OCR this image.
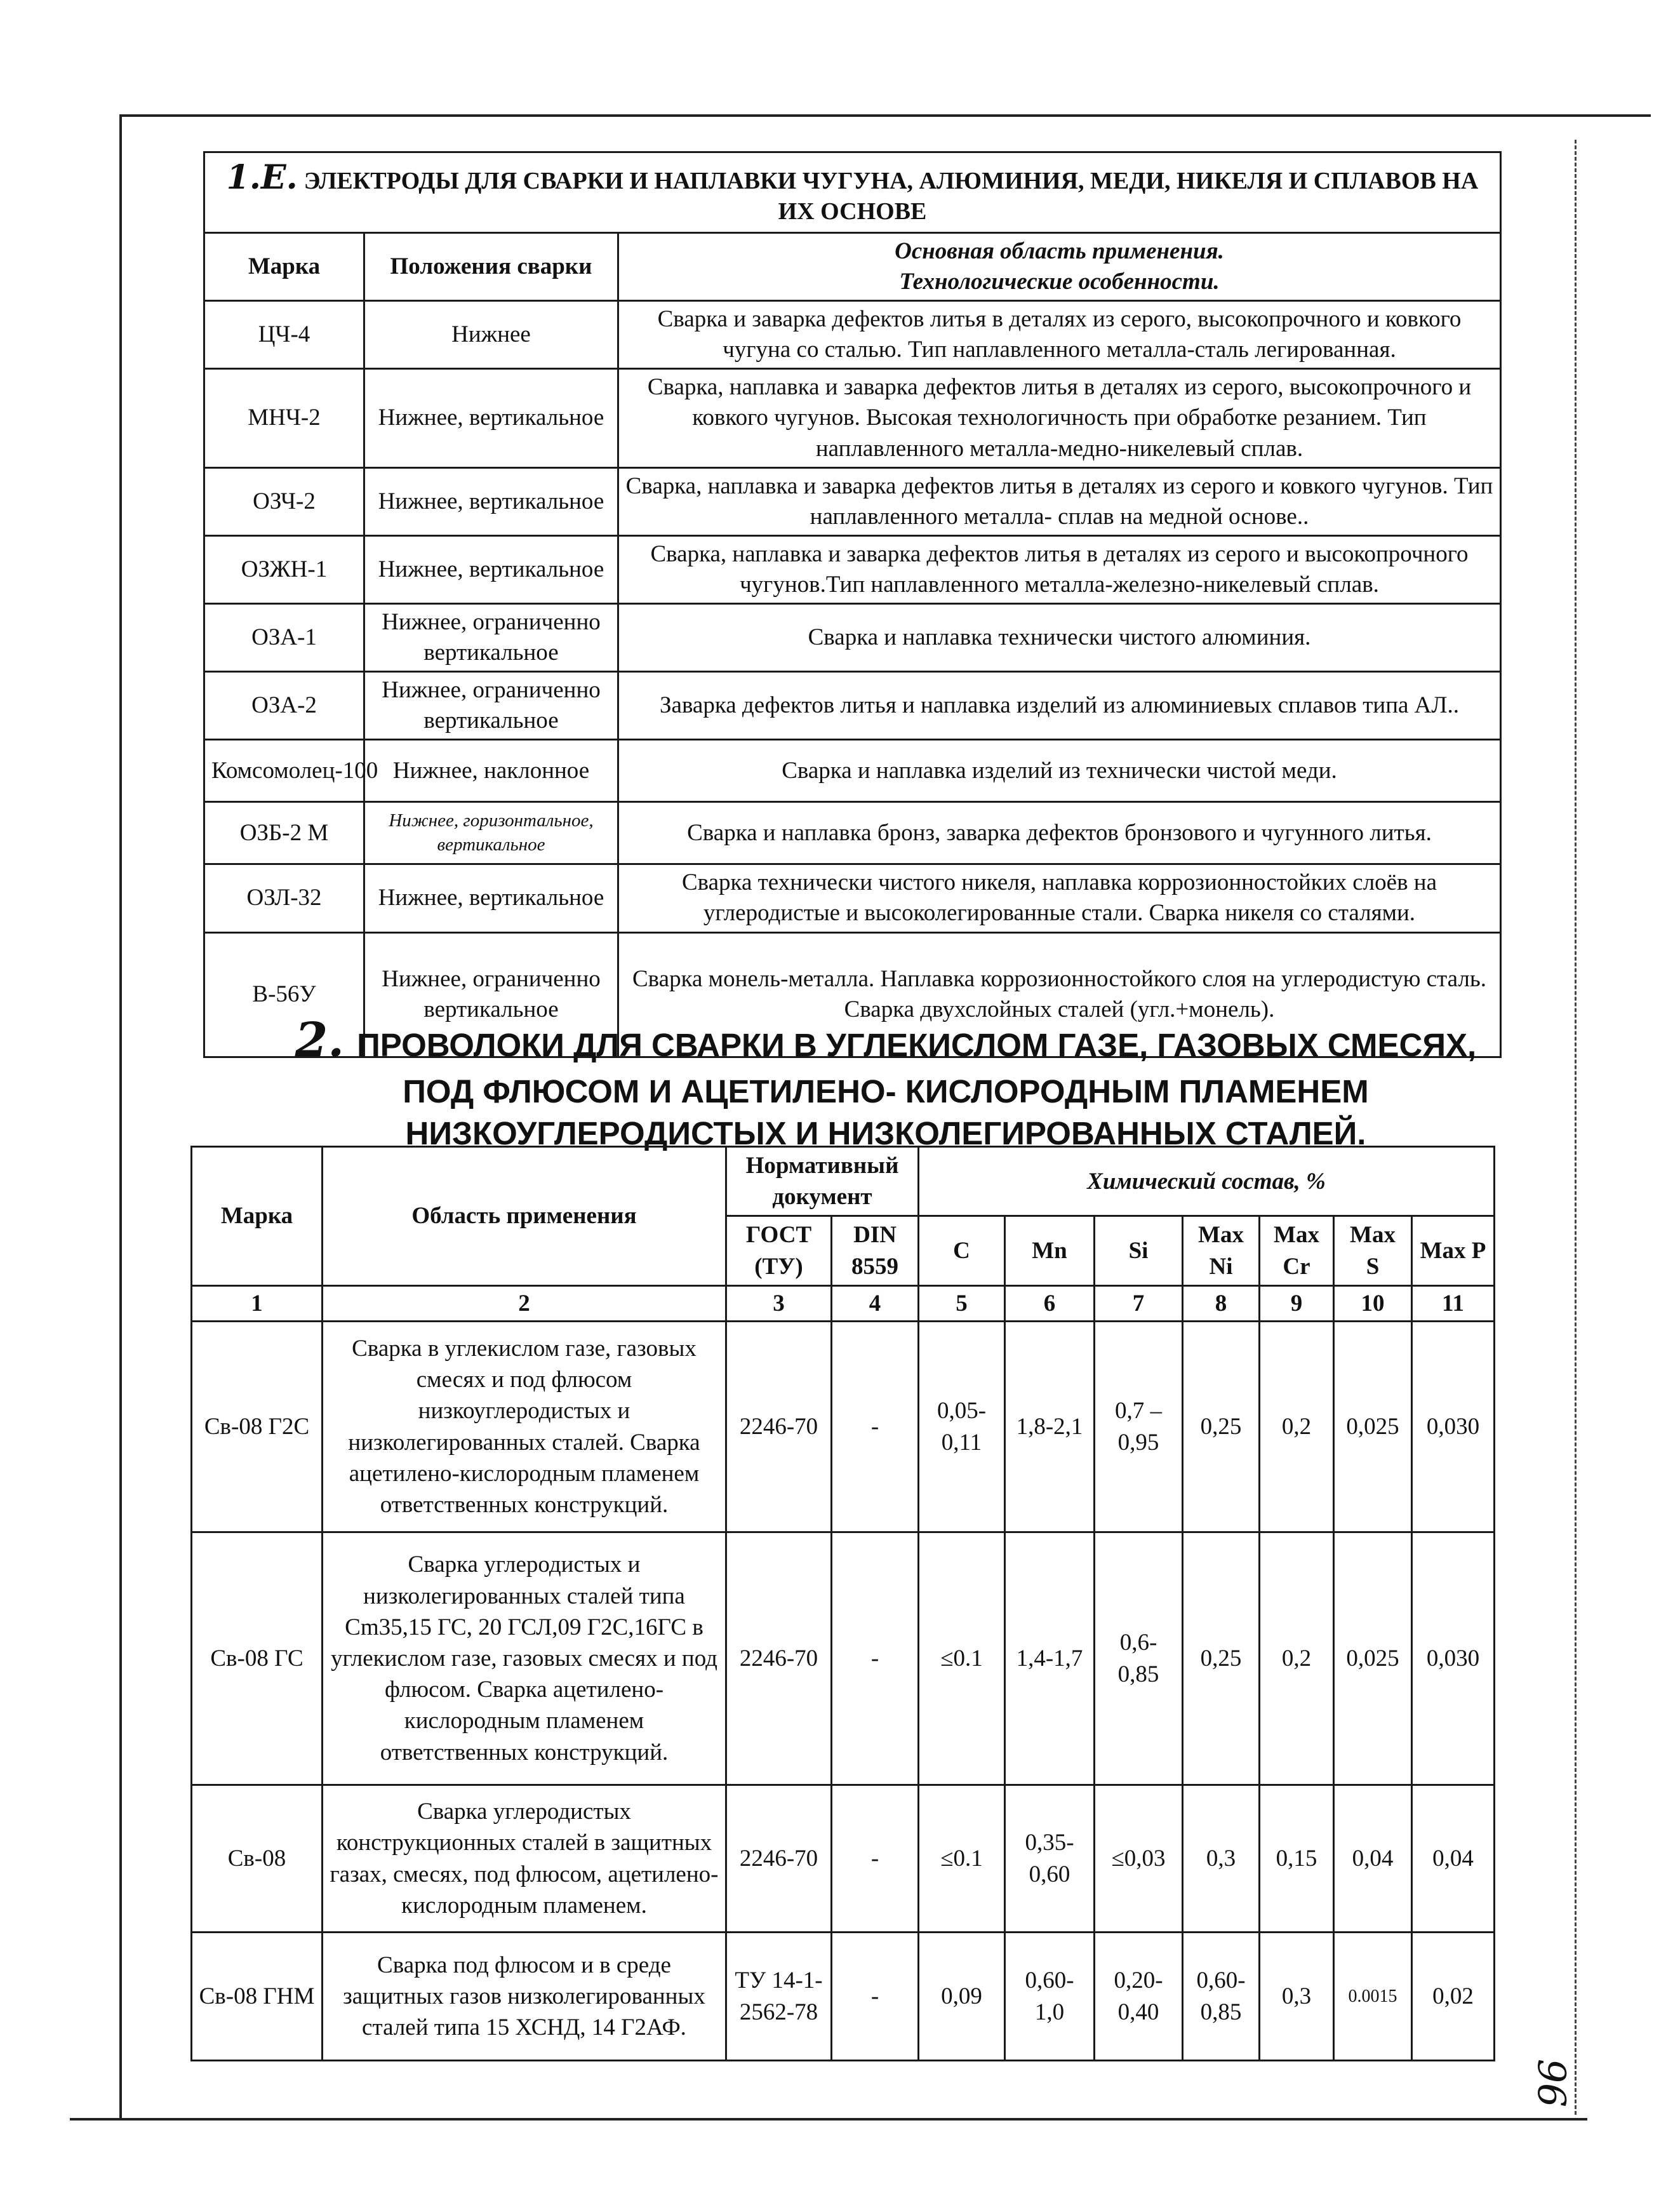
1.Е. ЭЛЕКТРОДЫ ДЛЯ СВАРКИ И НАПЛАВКИ ЧУГУНА, АЛЮМИНИЯ, МЕДИ, НИКЕЛЯ И СПЛАВОВ НА ИХ ОСНОВЕ		
Марка	Положения сварки	Основная область применения.
Технологические особенности.

ЦЧ-4	Нижнее	Сварка и заварка дефектов литья в деталях из серого, высокопрочного и ковкого чугуна со сталью. Тип наплавленного металла-сталь легированная.
МНЧ-2	Нижнее, вертикальное	Сварка, наплавка и заварка дефектов литья в деталях из серого, высокопрочного и ковкого чугунов. Высокая технологичность при обработке резанием. Тип наплавленного металла-медно-никелевый сплав.
ОЗЧ-2	Нижнее, вертикальное	Сварка, наплавка и заварка дефектов литья в деталях из серого и ковкого чугунов. Тип наплавленного металла- сплав на медной основе..
ОЗЖН-1	Нижнее, вертикальное	Сварка, наплавка и заварка дефектов литья в деталях из серого и высокопрочного чугунов.Тип наплавленного металла-железно-никелевый сплав.
ОЗА-1	Нижнее, ограниченно вертикальное	Сварка и наплавка технически чистого алюминия.
ОЗА-2	Нижнее, ограниченно вертикальное	Заварка дефектов литья и наплавка изделий из алюминиевых сплавов типа АЛ..
Комсомолец-100	Нижнее, наклонное	Сварка и наплавка изделий из технически чистой меди.
ОЗБ-2 М	Нижнее, горизонтальное, вертикальное	Сварка и наплавка бронз, заварка дефектов бронзового и чугунного литья.
ОЗЛ-32	Нижнее, вертикальное	Сварка технически чистого никеля, наплавка коррозионностойких слоёв на углеродистые и высоколегированные стали. Сварка никеля со сталями.
В-56У	Нижнее, ограниченно вертикальное	Сварка монель-металла. Наплавка коррозионностойкого слоя на углеродистую сталь. Сварка двухслойных сталей (угл.+монель).
2. ПРОВОЛОКИ ДЛЯ СВАРКИ В УГЛЕКИСЛОМ ГАЗЕ, ГАЗОВЫХ СМЕСЯХ,
ПОД ФЛЮСОМ И АЦЕТИЛЕНО- КИСЛОРОДНЫМ ПЛАМЕНЕМ
НИЗКОУГЛЕРОДИСТЫХ И НИЗКОЛЕГИРОВАННЫХ СТАЛЕЙ.
Марка	Область применения	Нормативный документ		Химический состав, %						
		ГОСТ (ТУ)	DIN 8559	C	Mn	Si	Max Ni	Max Cr	Max S	Max P
1	2	3	4	5	6	7	8	9	10	11
Св-08 Г2С	Сварка в углекислом газе, газовых смесях и под флюсом низкоуглеродистых и низколегированных сталей. Сварка ацетилено-кислородным пламенем ответственных конструкций.	2246-70	-	0,05-0,11	1,8-2,1	0,7 – 0,95	0,25	0,2	0,025	0,030
Св-08 ГС	Сварка углеродистых и низколегированных сталей типа Cm35,15 ГС, 20 ГСЛ,09 Г2С,16ГС в углекислом газе, газовых смесях и под флюсом. Сварка ацетилено-кислородным пламенем ответственных конструкций.	2246-70	-	≤0.1	1,4-1,7	0,6-0,85	0,25	0,2	0,025	0,030
Св-08	Сварка углеродистых конструкционных сталей в защитных газах, смесях, под флюсом, ацетилено-кислородным пламенем.	2246-70	-	≤0.1	0,35-0,60	≤0,03	0,3	0,15	0,04	0,04
Св-08 ГНМ	Сварка под флюсом и в среде защитных газов низколегированных сталей типа 15 ХСНД, 14 Г2АФ.	ТУ 14-1-2562-78	-	0,09	0,60-1,0	0,20-0,40	0,60-0,85	0,3	0.0015	0,02
96
